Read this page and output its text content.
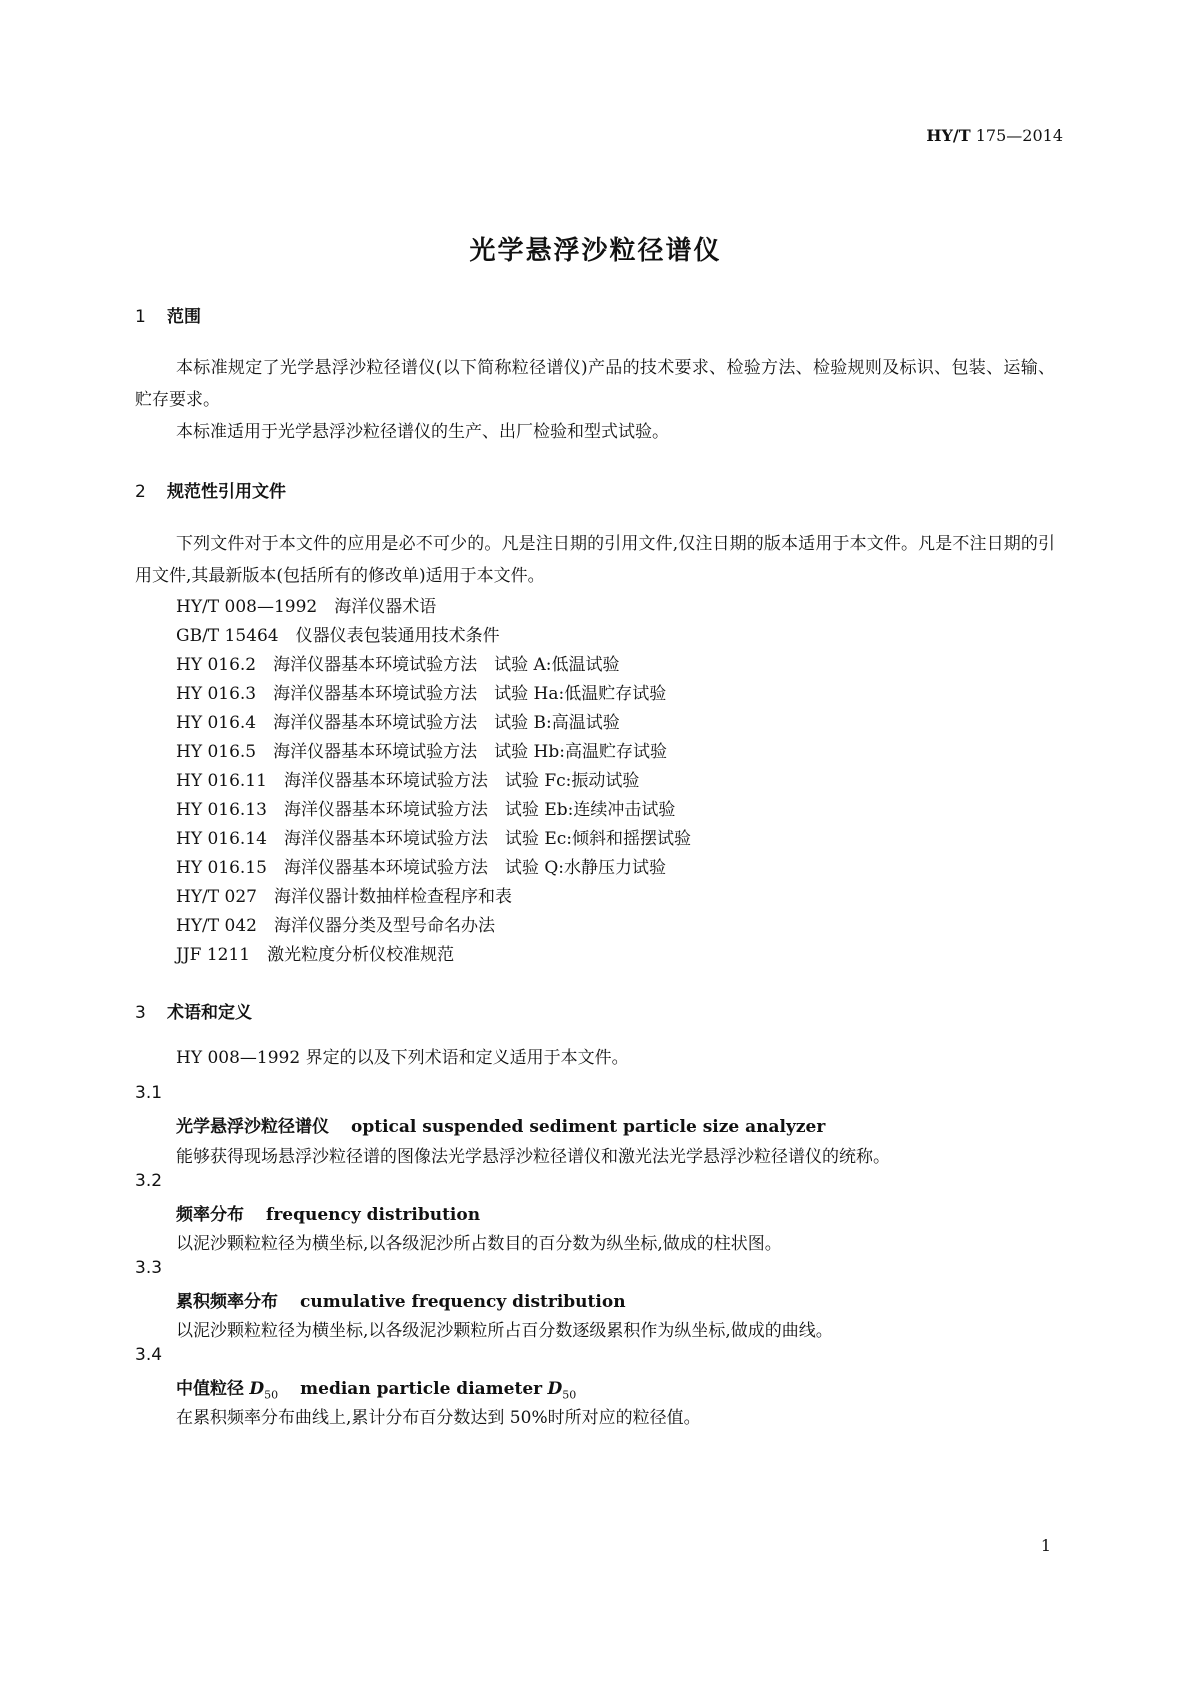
HY/T 175—2014
光学悬浮沙粒径谱仪
1 范围
本标准规定了光学悬浮沙粒径谱仪(以下简称粒径谱仪)产品的技术要求、检验方法、检验规则及标识、包装、运输、贮存要求。
本标准适用于光学悬浮沙粒径谱仪的生产、出厂检验和型式试验。
2 规范性引用文件
下列文件对于本文件的应用是必不可少的。凡是注日期的引用文件,仅注日期的版本适用于本文件。凡是不注日期的引用文件,其最新版本(包括所有的修改单)适用于本文件。
HY/T 008—1992　 海洋仪器术语
GB/T 15464　 仪器仪表包装通用技术条件
HY 016.2　 海洋仪器基本环境试验方法　试验 A:低温试验
HY 016.3　 海洋仪器基本环境试验方法　试验 Ha:低温贮存试验
HY 016.4　 海洋仪器基本环境试验方法　试验 B:高温试验
HY 016.5　 海洋仪器基本环境试验方法　试验 Hb:高温贮存试验
HY 016.11　 海洋仪器基本环境试验方法　试验 Fc:振动试验
HY 016.13　 海洋仪器基本环境试验方法　试验 Eb:连续冲击试验
HY 016.14　 海洋仪器基本环境试验方法　试验 Ec:倾斜和摇摆试验
HY 016.15　 海洋仪器基本环境试验方法　试验 Q:水静压力试验
HY/T 027　 海洋仪器计数抽样检查程序和表
HY/T 042　 海洋仪器分类及型号命名办法
JJF 1211　 激光粒度分析仪校准规范
3 术语和定义
HY 008—1992 界定的以及下列术语和定义适用于本文件。
3.1
光学悬浮沙粒径谱仪 optical suspended sediment particle size analyzer
能够获得现场悬浮沙粒径谱的图像法光学悬浮沙粒径谱仪和激光法光学悬浮沙粒径谱仪的统称。
3.2
频率分布 frequency distribution
以泥沙颗粒粒径为横坐标,以各级泥沙所占数目的百分数为纵坐标,做成的柱状图。
3.3
累积频率分布 cumulative frequency distribution
以泥沙颗粒粒径为横坐标,以各级泥沙颗粒所占百分数逐级累积作为纵坐标,做成的曲线。
3.4
中值粒径 $D_{50}$ median particle diameter $D_{50}$
在累积频率分布曲线上,累计分布百分数达到 50%时所对应的粒径值。
1
